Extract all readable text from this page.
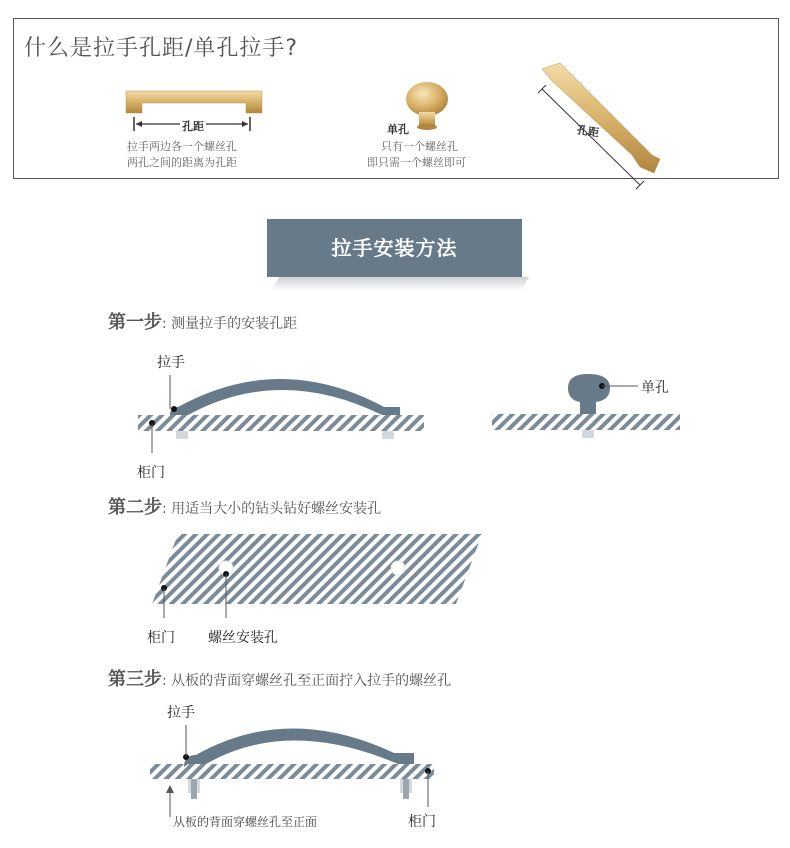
什么是拉手孔距/单孔拉手?
孔距
拉手两边各一个螺丝孔
两孔之间的距离为孔距
单孔
只有一个螺丝孔
即只需一个螺丝即可
孔距
拉手安装方法
第一步: 测量拉手的安装孔距
拉手
柜门
单孔
第二步: 用适当大小的钻头钻好螺丝安装孔
柜门 螺丝安装孔
第三步: 从板的背面穿螺丝孔至正面拧入拉手的螺丝孔
拉手
从板的背面穿螺丝孔至正面	柜门
